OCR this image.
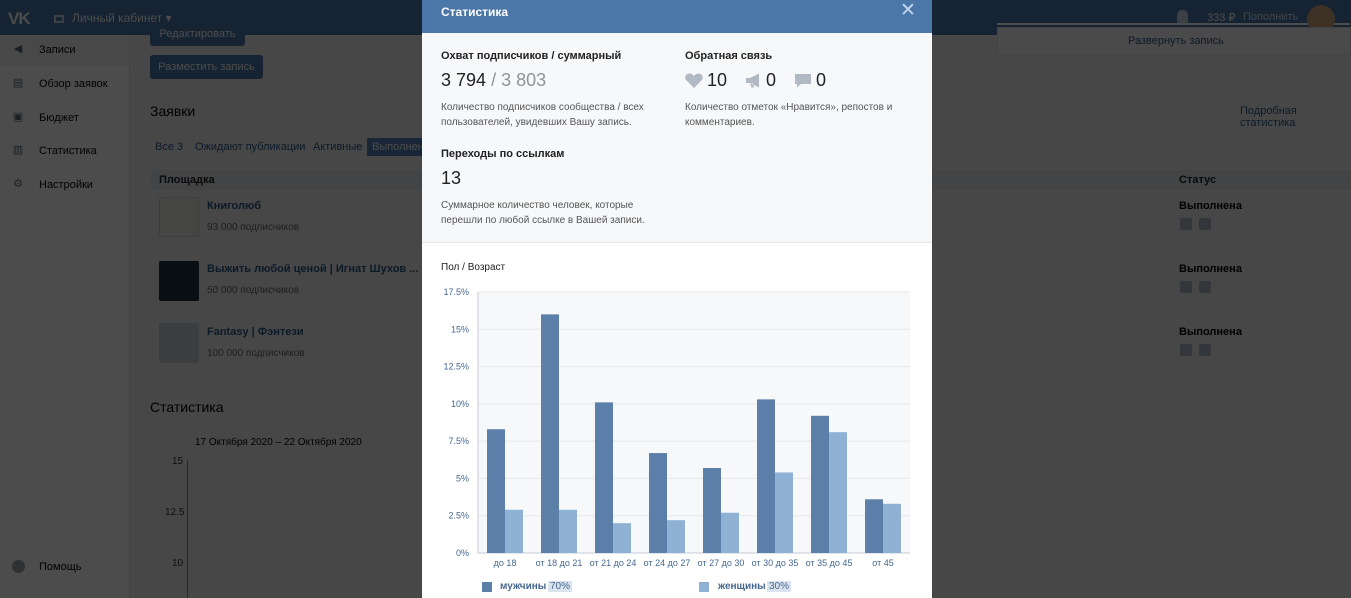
Статистика	✕
Охват подписчиков / суммарный
3 794 / 3 803
Количество подписчиков сообщества / всех
пользователей, увидевших Вашу запись.
Обратная связь
10 0 0
Количество отметок «Нравится», репостов и
комментариев.
Переходы по ссылкам
13
Суммарное количество человек, которые
перешли по любой ссылке в Вашей записи.
Пол / Возраст
0%
2.5%
5%
7.5%
10%
12.5%
15%
17.5%
до 18 от 18 до 21 от 21 до 24 от 24 до 27 от 27 до 30 от 30 до 35 от 35 до 45 от 45
мужчины 70%	женщины 30%
